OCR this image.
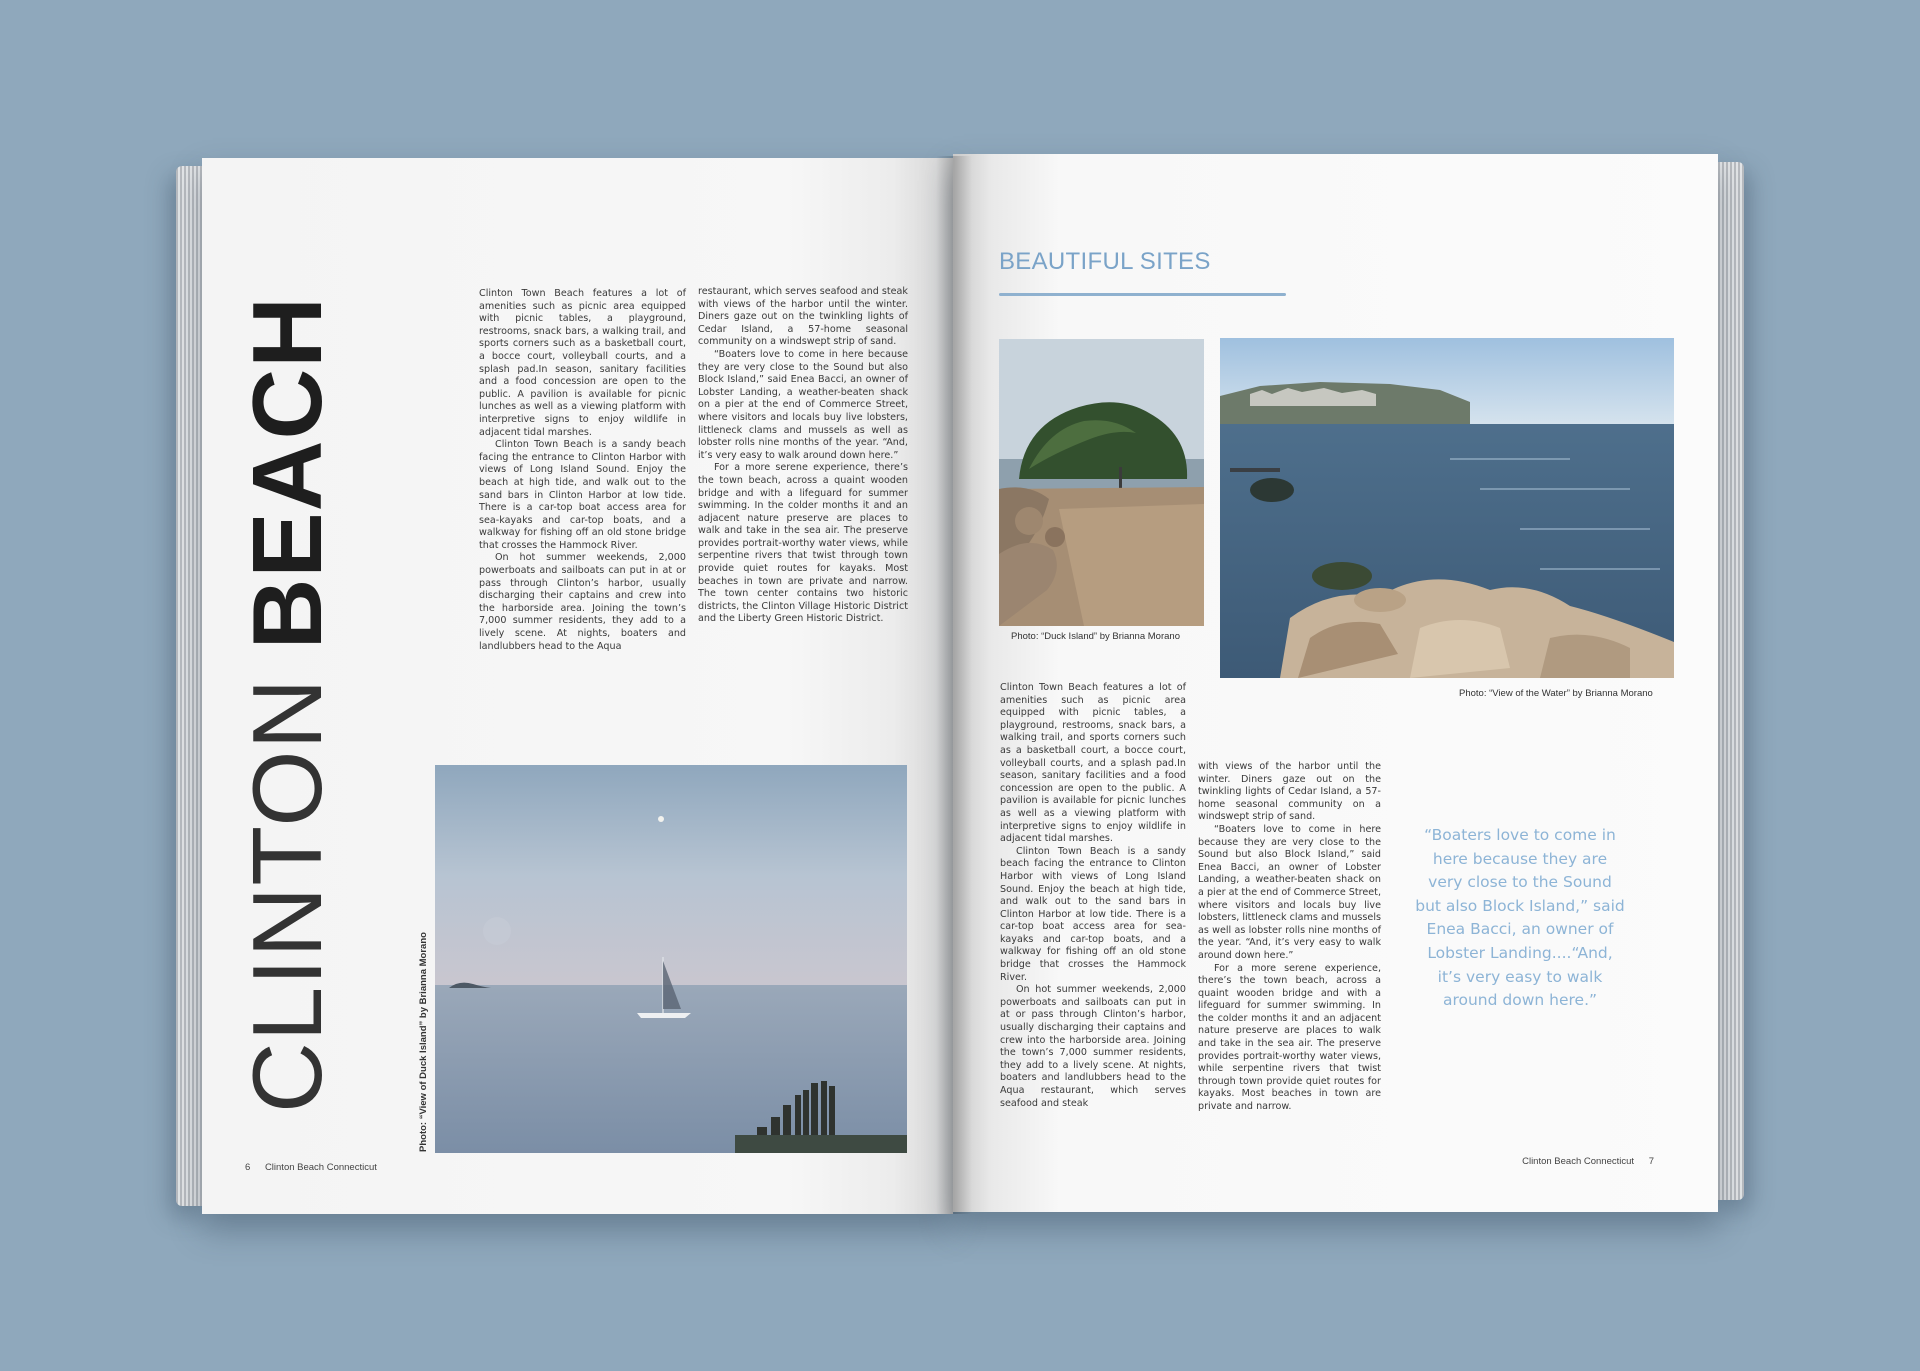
CLINTON BEACH

Clinton Town Beach features a lot of amenities such as picnic area equipped with picnic tables, a playground, restrooms, snack bars, a walking trail, and sports corners such as a basketball court, a bocce court, volleyball courts, and a splash pad.In season, sanitary facilities and a food concession are open to the public. A pavilion is available for picnic lunches as well as a viewing platform with interpretive signs to enjoy wildlife in adjacent tidal marshes.

Clinton Town Beach is a sandy beach facing the entrance to Clinton Harbor with views of Long Island Sound. Enjoy the beach at high tide, and walk out to the sand bars in Clinton Harbor at low tide. There is a car-top boat access area for sea-kayaks and car-top boats, and a walkway for fishing off an old stone bridge that crosses the Hammock River.

On hot summer weekends, 2,000 powerboats and sailboats can put in at or pass through Clinton’s harbor, usually discharging their captains and crew into the harborside area. Joining the town’s 7,000 summer residents, they add to a lively scene. At nights, boaters and landlubbers head to the Aqua

restaurant, which serves seafood and steak with views of the harbor until the winter. Diners gaze out on the twinkling lights of Cedar Island, a 57-home seasonal community on a windswept strip of sand.

“Boaters love to come in here because they are very close to the Sound but also Block Island,” said Enea Bacci, an owner of Lobster Landing, a weather-beaten shack on a pier at the end of Commerce Street, where visitors and locals buy live lobsters, littleneck clams and mussels as well as lobster rolls nine months of the year. “And, it’s very easy to walk around down here.”

For a more serene experience, there’s the town beach, across a quaint wooden bridge and with a lifeguard for summer swimming. In the colder months it and an adjacent nature preserve are places to walk and take in the sea air. The preserve provides portrait-worthy water views, while serpentine rivers that twist through town provide quiet routes for kayaks. Most beaches in town are private and narrow. The town center contains two historic districts, the Clinton Village Historic District and the Liberty Green Historic District.

Photo: “View of Duck Island” by Brianna Morano
6 Clinton Beach Connecticut
BEAUTIFUL SITES
Photo: “Duck Island” by Brianna Morano
Photo: “View of the Water” by Brianna Morano

Clinton Town Beach features a lot of amenities such as picnic area equipped with picnic tables, a playground, restrooms, snack bars, a walking trail, and sports corners such as a basketball court, a bocce court, volleyball courts, and a splash pad.In season, sanitary facilities and a food concession are open to the public. A pavilion is available for picnic lunches as well as a viewing platform with interpretive signs to enjoy wildlife in adjacent tidal marshes.

Clinton Town Beach is a sandy beach facing the entrance to Clinton Harbor with views of Long Island Sound. Enjoy the beach at high tide, and walk out to the sand bars in Clinton Harbor at low tide. There is a car-top boat access area for sea-kayaks and car-top boats, and a walkway for fishing off an old stone bridge that crosses the Hammock River.

On hot summer weekends, 2,000 powerboats and sailboats can put in at or pass through Clinton’s harbor, usually discharging their captains and crew into the harborside area. Joining the town’s 7,000 summer residents, they add to a lively scene. At nights, boaters and landlubbers head to the Aqua restaurant, which serves seafood and steak

with views of the harbor until the winter. Diners gaze out on the twinkling lights of Cedar Island, a 57-home seasonal community on a windswept strip of sand.

“Boaters love to come in here because they are very close to the Sound but also Block Island,” said Enea Bacci, an owner of Lobster Landing, a weather-beaten shack on a pier at the end of Commerce Street, where visitors and locals buy live lobsters, littleneck clams and mussels as well as lobster rolls nine months of the year. “And, it’s very easy to walk around down here.”

For a more serene experience, there’s the town beach, across a quaint wooden bridge and with a lifeguard for summer swimming. In the colder months it and an adjacent nature preserve are places to walk and take in the sea air. The preserve provides portrait-worthy water views, while serpentine rivers that twist through town provide quiet routes for kayaks. Most beaches in town are private and narrow.

“Boaters love to come in here because they are very close to the Sound but also Block Island,” said Enea Bacci, an owner of Lobster Landing....“And, it’s very easy to walk around down here.”
Clinton Beach Connecticut 7
